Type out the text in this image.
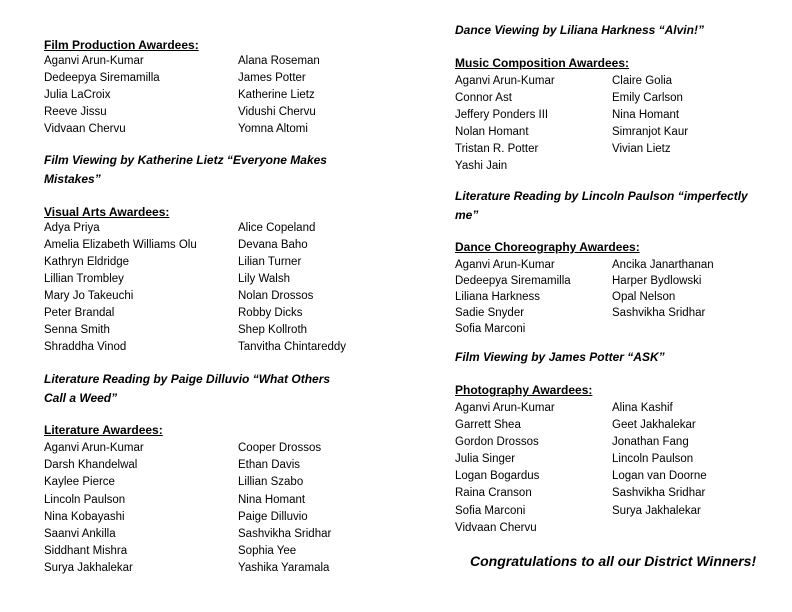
Film Production Awardees:
Aganvi Arun-Kumar
Dedeepya Siremamilla
Julia LaCroix
Reeve Jissu
Vidvaan Chervu
Alana Roseman
James Potter
Katherine Lietz
Vidushi Chervu
Yomna Altomi
Film Viewing by Katherine Lietz “Everyone Makes Mistakes”
Visual Arts Awardees:
Adya Priya
Amelia Elizabeth Williams Olu
Kathryn Eldridge
Lillian Trombley
Mary Jo Takeuchi
Peter Brandal
Senna Smith
Shraddha Vinod
Alice Copeland
Devana Baho
Lilian Turner
Lily Walsh
Nolan Drossos
Robby Dicks
Shep Kollroth
Tanvitha Chintareddy
Literature Reading by Paige Dilluvio “What Others Call a Weed”
Literature Awardees:
Aganvi Arun-Kumar
Darsh Khandelwal
Kaylee Pierce
Lincoln Paulson
Nina Kobayashi
Saanvi Ankilla
Siddhant Mishra
Surya Jakhalekar
Cooper Drossos
Ethan Davis
Lillian Szabo
Nina Homant
Paige Dilluvio
Sashvikha Sridhar
Sophia Yee
Yashika Yaramala
Dance Viewing by Liliana Harkness “Alvin!”
Music Composition Awardees:
Aganvi Arun-Kumar
Connor Ast
Jeffery Ponders III
Nolan Homant
Tristan R. Potter
Yashi Jain
Claire Golia
Emily Carlson
Nina Homant
Simranjot Kaur
Vivian Lietz
Literature Reading by Lincoln Paulson “imperfectly me”
Dance Choreography Awardees:
Aganvi Arun-Kumar
Dedeepya Siremamilla
Liliana Harkness
Sadie Snyder
Sofia Marconi
Ancika Janarthanan
Harper Bydlowski
Opal Nelson
Sashvikha Sridhar
Film Viewing by James Potter “ASK”
Photography Awardees:
Aganvi Arun-Kumar
Garrett Shea
Gordon Drossos
Julia Singer
Logan Bogardus
Raina Cranson
Sofia Marconi
Vidvaan Chervu
Alina Kashif
Geet Jakhalekar
Jonathan Fang
Lincoln Paulson
Logan van Doorne
Sashvikha Sridhar
Surya Jakhalekar
Congratulations to all our District Winners!
